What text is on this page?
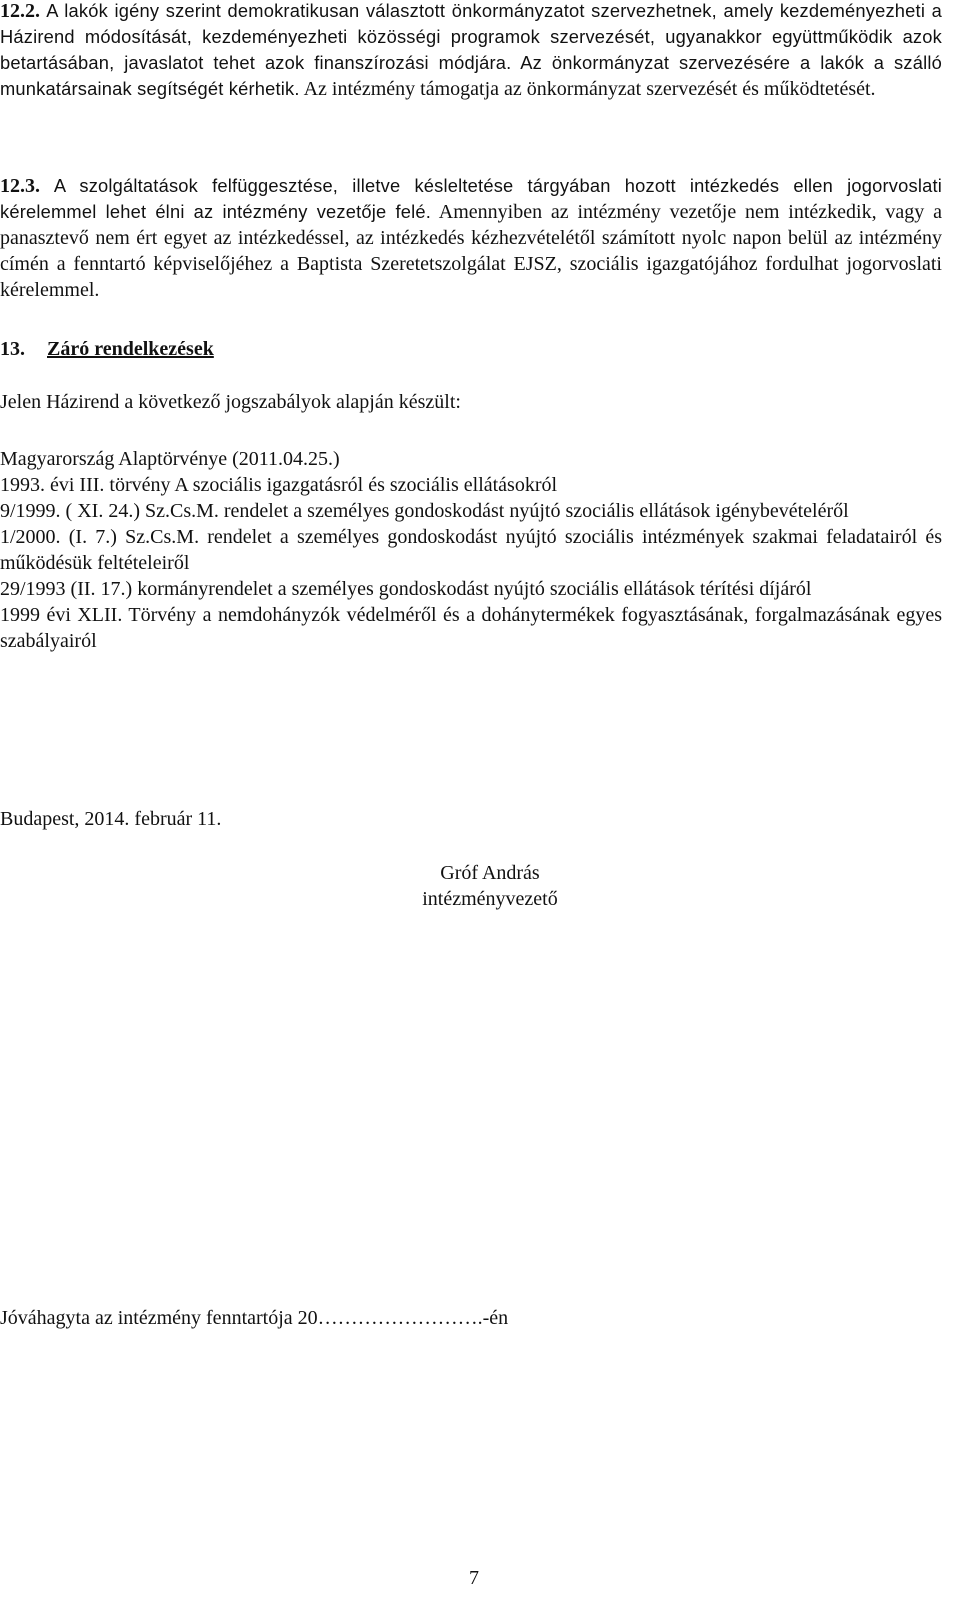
12.2. A lakók igény szerint demokratikusan választott önkormányzatot szervezhetnek, amely kezdeményezheti a Házirend módosítását, kezdeményezheti közösségi programok szervezését, ugyanakkor együttműködik azok betartásában, javaslatot tehet azok finanszírozási módjára. Az önkormányzat szervezésére a lakók a szálló munkatársainak segítségét kérhetik. Az intézmény támogatja az önkormányzat szervezését és működtetését.

12.3. A szolgáltatások felfüggesztése, illetve késleltetése tárgyában hozott intézkedés ellen jogorvoslati kérelemmel lehet élni az intézmény vezetője felé. Amennyiben az intézmény vezetője nem intézkedik, vagy a panasztevő nem ért egyet az intézkedéssel, az intézkedés kézhezvételétől számított nyolc napon belül az intézmény címén a fenntartó képviselőjéhez a Baptista Szeretetszolgálat EJSZ, szociális igazgatójához fordulhat jogorvoslati kérelemmel.

13. Záró rendelkezések

Jelen Házirend a következő jogszabályok alapján készült:

Magyarország Alaptörvénye (2011.04.25.)
1993. évi III. törvény A szociális igazgatásról és szociális ellátásokról
9/1999. ( XI. 24.) Sz.Cs.M. rendelet a személyes gondoskodást nyújtó szociális ellátások igénybevételéről
1/2000. (I. 7.) Sz.Cs.M. rendelet a személyes gondoskodást nyújtó szociális intézmények szakmai feladatairól és működésük feltételeiről
29/1993 (II. 17.) kormányrendelet a személyes gondoskodást nyújtó szociális ellátások térítési díjáról
1999 évi XLII. Törvény a nemdohányzók védelméről és a dohánytermékek fogyasztásának, forgalmazásának egyes szabályairól

Budapest, 2014. február 11.

Gróf András
intézményvezető

Jóváhagyta az intézmény fenntartója 20…………………….-én

7
